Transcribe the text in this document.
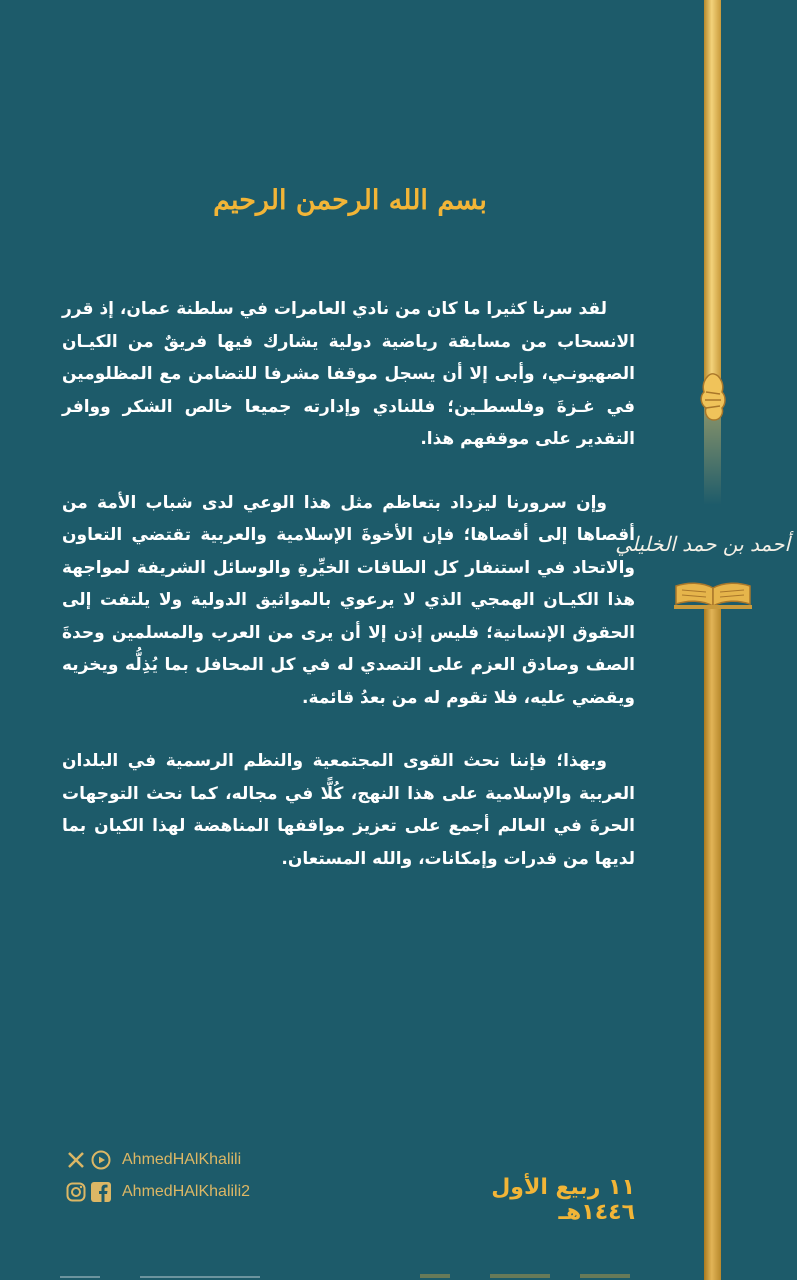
أحمد بن حمد الخليلي
بسم الله الرحمن الرحيم

لقد سرنا كثيرا ما كان من نادي العامرات في سلطنة عمان، إذ قرر الانسحاب من مسابقة رياضية دولية يشارك فيها فريقٌ من الكيـان الصهيونـي، وأبى إلا أن يسجل موقفا مشرفا للتضامن مع المظلومين في غـزةَ وفلسطـين؛ فللنادي وإدارته جميعا خالص الشكر ووافر التقدير على موقفهم هذا.

وإن سرورنا ليزداد بتعاظم مثل هذا الوعي لدى شباب الأمة من أقصاها إلى أقصاها؛ فإن الأخوةَ الإسلامية والعربية تقتضي التعاون والاتحاد في استنفار كل الطاقات الخيِّرةِ والوسائل الشريفة لمواجهة هذا الكيـان الهمجي الذي لا يرعوي بالمواثيق الدولية ولا يلتفت إلى الحقوق الإنسانية؛ فليس إذن إلا أن يرى من العرب والمسلمين وحدةَ الصف وصادق العزم على التصدي له في كل المحافل بما يُذِلُّه ويخزيه ويقضي عليه، فلا تقوم له من بعدُ قائمة.

وبهذا؛ فإننا نحث القوى المجتمعية والنظم الرسمية في البلدان العربية والإسلامية على هذا النهج، كُلًّا في مجاله، كما نحث التوجهات الحرةَ في العالم أجمع على تعزيز مواقفها المناهضة لهذا الكيان بما لديها من قدرات وإمكانات، والله المستعان.

AhmedHAlKhalili
AhmedHAlKhalili2	١١ ربيع الأول ١٤٤٦هـ
